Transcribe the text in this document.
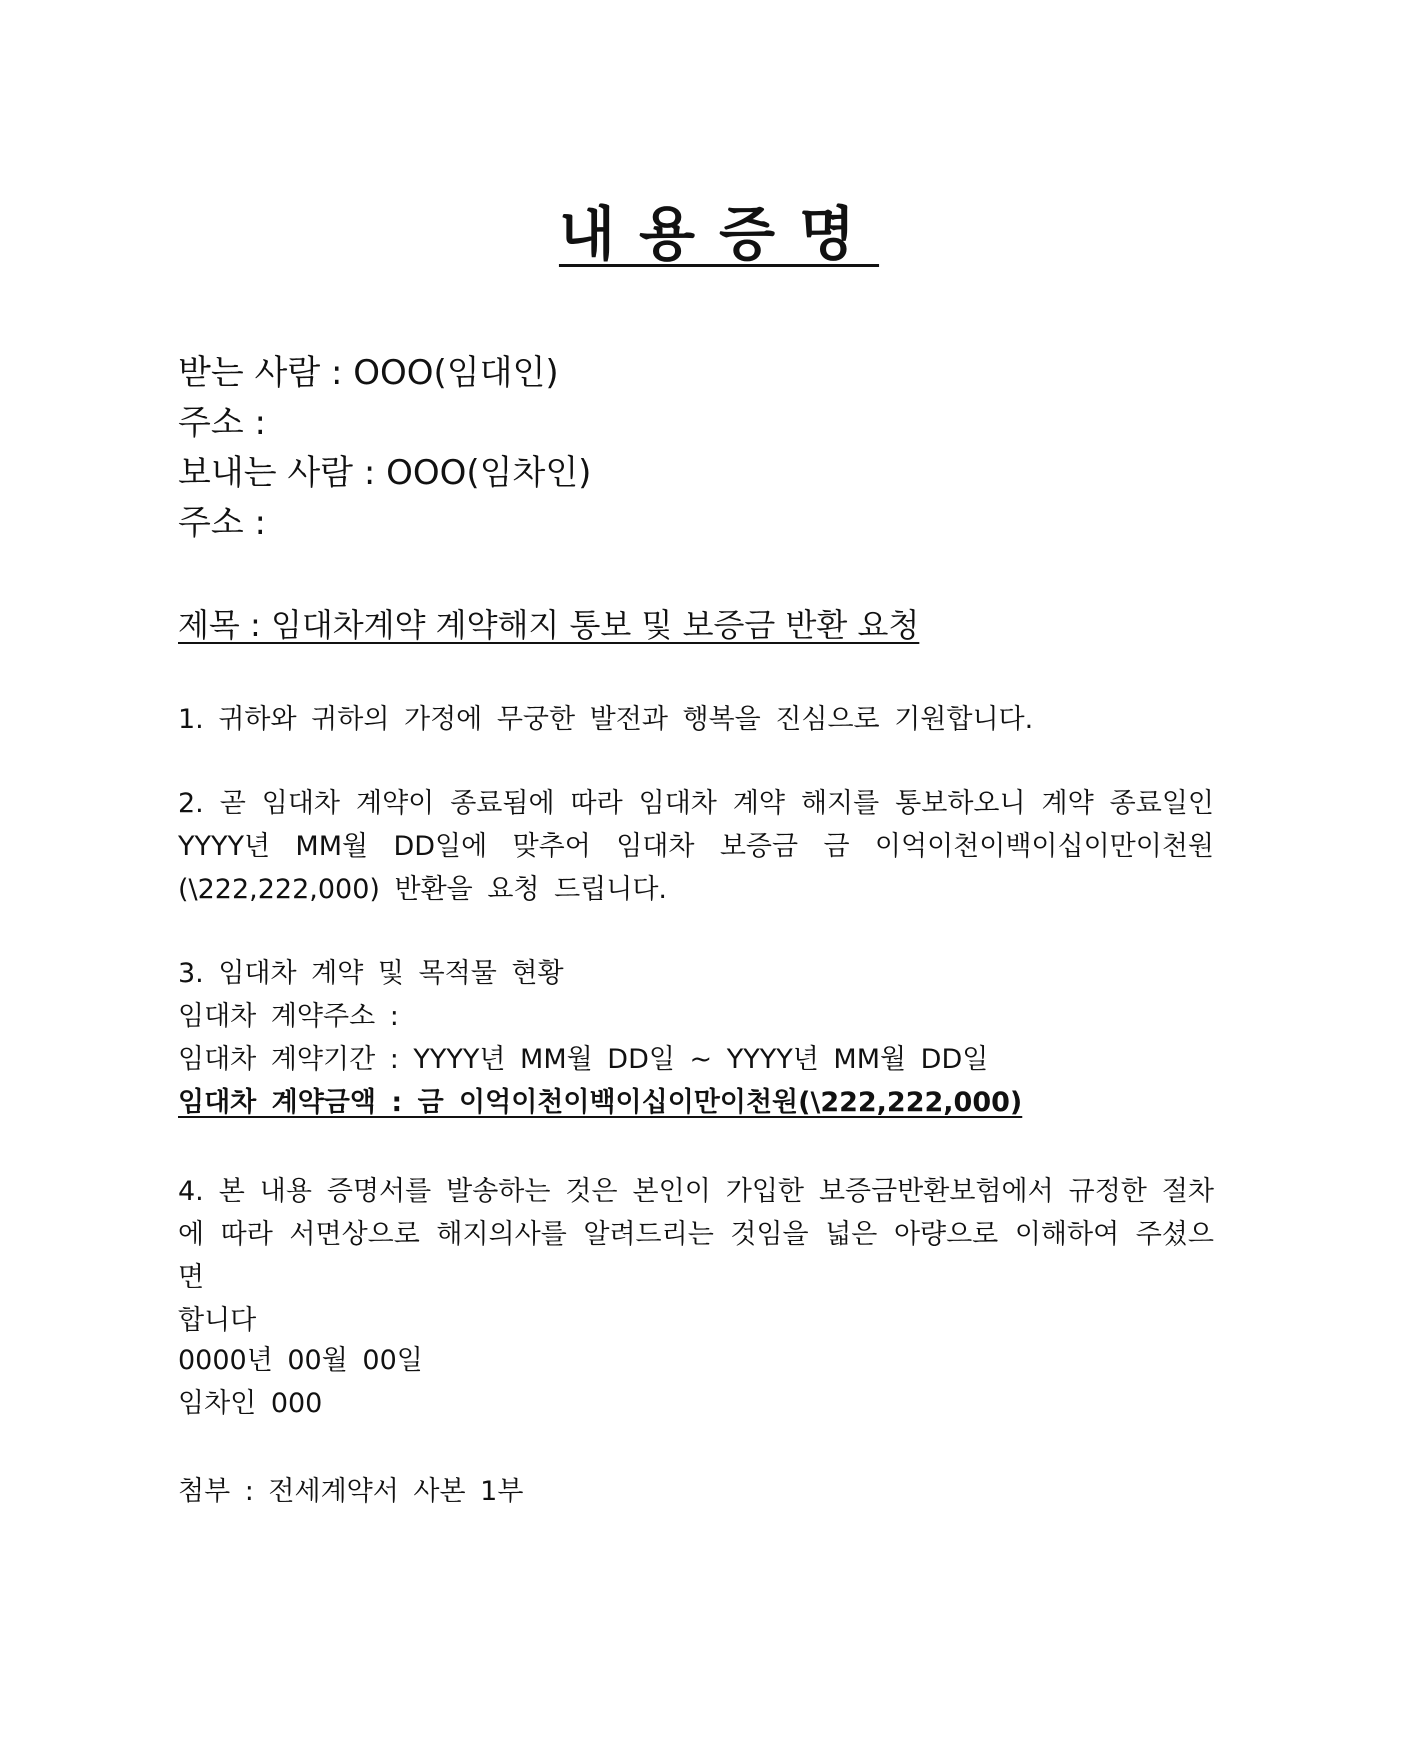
내용증명
받는 사람 : OOO(임대인)
주소 :
보내는 사람 : OOO(임차인)
주소 :
제목 : 임대차계약 계약해지 통보 및 보증금 반환 요청
1. 귀하와 귀하의 가정에 무궁한 발전과 행복을 진심으로 기원합니다.
2. 곧 임대차 계약이 종료됨에 따라 임대차 계약 해지를 통보하오니 계약 종료일인
YYYY년 MM월 DD일에 맞추어 임대차 보증금 금 이억이천이백이십이만이천원
(\222,222,000) 반환을 요청 드립니다.
3. 임대차 계약 및 목적물 현황
임대차 계약주소 :
임대차 계약기간 : YYYY년 MM월 DD일 ~ YYYY년 MM월 DD일
임대차 계약금액 : 금 이억이천이백이십이만이천원(\222,222,000)
4. 본 내용 증명서를 발송하는 것은 본인이 가입한 보증금반환보험에서 규정한 절차
에 따라 서면상으로 해지의사를 알려드리는 것임을 넓은 아량으로 이해하여 주셨으면
합니다
0000년 00월 00일
임차인 000
첨부 : 전세계약서 사본 1부
